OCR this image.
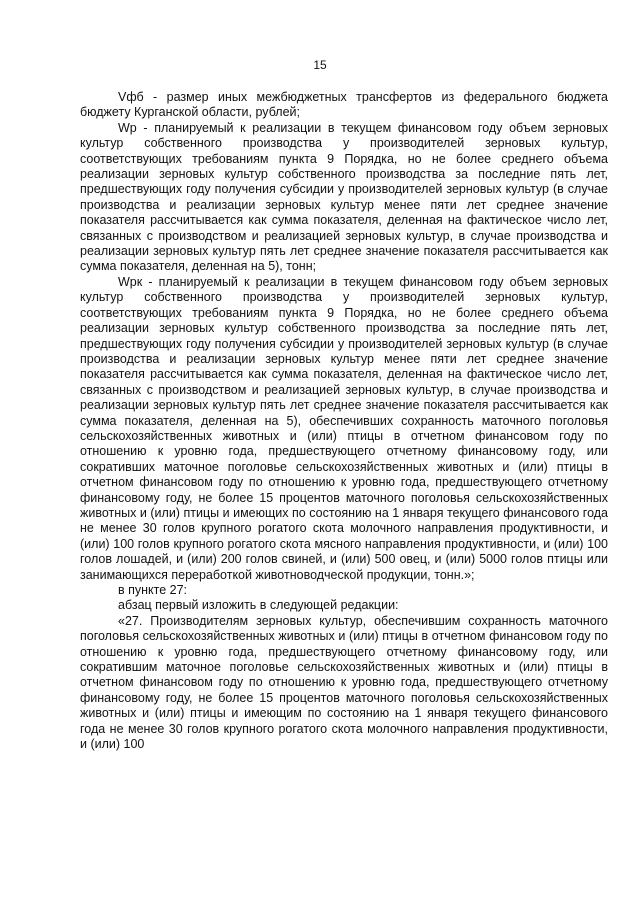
15

Vфб - размер иных межбюджетных трансфертов из федерального бюджета бюджету Курганской области, рублей;

Wp - планируемый к реализации в текущем финансовом году объем зерновых культур собственного производства у производителей зерновых культур, соответствующих требованиям пункта 9 Порядка, но не более среднего объема реализации зерновых культур собственного производства за последние пять лет, предшествующих году получения субсидии у производителей зерновых культур (в случае производства и реализации зерновых культур менее пяти лет среднее значение показателя рассчитывается как сумма показателя, деленная на фактическое число лет, связанных с производством и реализацией зерновых культур, в случае производства и реализации зерновых культур пять лет среднее значение показателя рассчитывается как сумма показателя, деленная на 5), тонн;

Wpк - планируемый к реализации в текущем финансовом году объем зерновых культур собственного производства у производителей зерновых культур, соответствующих требованиям пункта 9 Порядка, но не более среднего объема реализации зерновых культур собственного производства за последние пять лет, предшествующих году получения субсидии у производителей зерновых культур (в случае производства и реализации зерновых культур менее пяти лет среднее значение показателя рассчитывается как сумма показателя, деленная на фактическое число лет, связанных с производством и реализацией зерновых культур, в случае производства и реализации зерновых культур пять лет среднее значение показателя рассчитывается как сумма показателя, деленная на 5), обеспечивших сохранность маточного поголовья сельскохозяйственных животных и (или) птицы в отчетном финансовом году по отношению к уровню года, предшествующего отчетному финансовому году, или сокративших маточное поголовье сельскохозяйственных животных и (или) птицы в отчетном финансовом году по отношению к уровню года, предшествующего отчетному финансовому году, не более 15 процентов маточного поголовья сельскохозяйственных животных и (или) птицы и имеющих по состоянию на 1 января текущего финансового года не менее 30 голов крупного рогатого скота молочного направления продуктивности, и (или) 100 голов крупного рогатого скота мясного направления продуктивности, и (или) 100 голов лошадей, и (или) 200 голов свиней, и (или) 500 овец, и (или) 5000 голов птицы или занимающихся переработкой животноводческой продукции, тонн.»;

в пункте 27:

абзац первый изложить в следующей редакции:

«27. Производителям зерновых культур, обеспечившим сохранность маточного поголовья сельскохозяйственных животных и (или) птицы в отчетном финансовом году по отношению к уровню года, предшествующего отчетному финансовому году, или сократившим маточное поголовье сельскохозяйственных животных и (или) птицы в отчетном финансовом году по отношению к уровню года, предшествующего отчетному финансовому году, не более 15 процентов маточного поголовья сельскохозяйственных животных и (или) птицы и имеющим по состоянию на 1 января текущего финансового года не менее 30 голов крупного рогатого скота молочного направления продуктивности, и (или) 100
